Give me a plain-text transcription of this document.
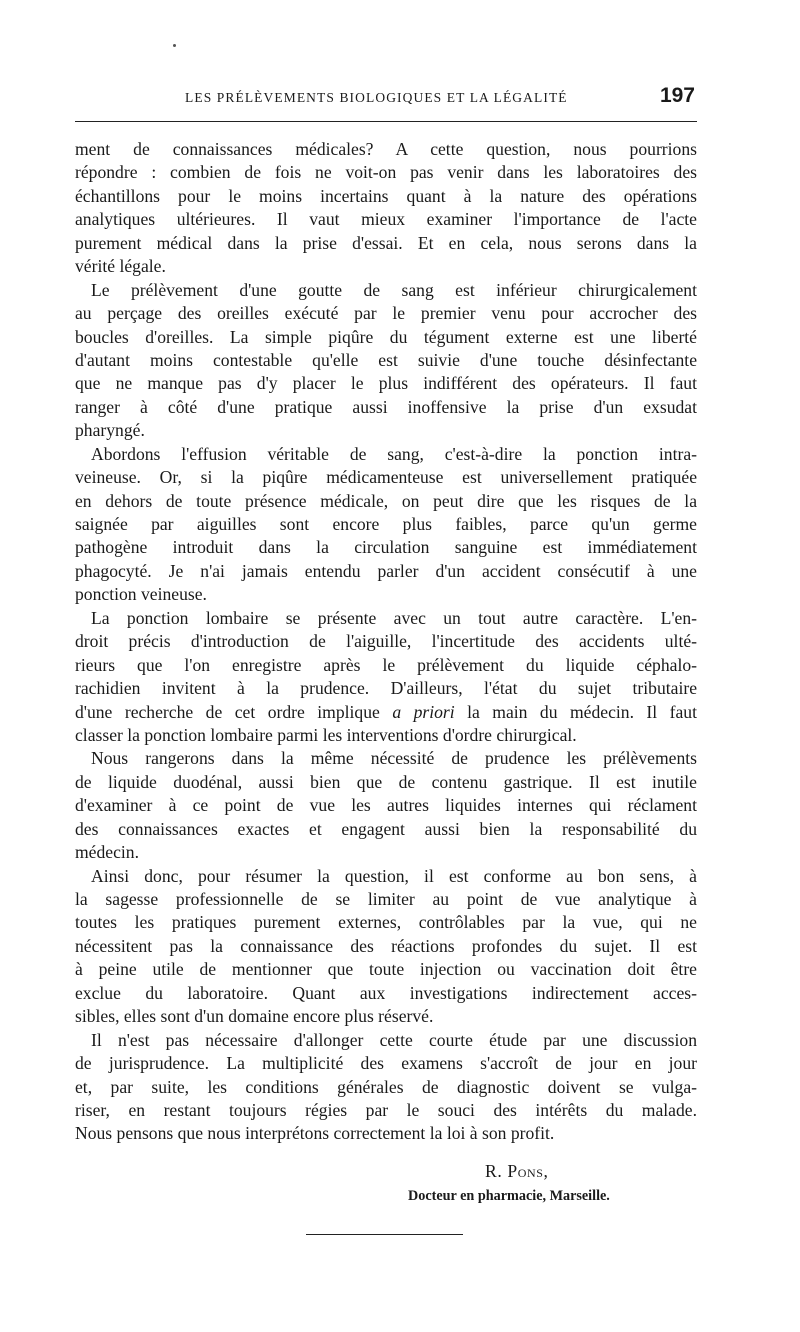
LES PRÉLÈVEMENTS BIOLOGIQUES ET LA LÉGALITÉ	197
ment de connaissances médicales? A cette question, nous pourrions
répondre : combien de fois ne voit-on pas venir dans les laboratoires des
échantillons pour le moins incertains quant à la nature des opérations
analytiques ultérieures. Il vaut mieux examiner l'importance de l'acte
purement médical dans la prise d'essai. Et en cela, nous serons dans la
vérité légale.
Le prélèvement d'une goutte de sang est inférieur chirurgicalement
au perçage des oreilles exécuté par le premier venu pour accrocher des
boucles d'oreilles. La simple piqûre du tégument externe est une liberté
d'autant moins contestable qu'elle est suivie d'une touche désinfectante
que ne manque pas d'y placer le plus indifférent des opérateurs. Il faut
ranger à côté d'une pratique aussi inoffensive la prise d'un exsudat
pharyngé.
Abordons l'effusion véritable de sang, c'est-à-dire la ponction intra-
veineuse. Or, si la piqûre médicamenteuse est universellement pratiquée
en dehors de toute présence médicale, on peut dire que les risques de la
saignée par aiguilles sont encore plus faibles, parce qu'un germe
pathogène introduit dans la circulation sanguine est immédiatement
phagocyté. Je n'ai jamais entendu parler d'un accident consécutif à une
ponction veineuse.
La ponction lombaire se présente avec un tout autre caractère. L'en-
droit précis d'introduction de l'aiguille, l'incertitude des accidents ulté-
rieurs que l'on enregistre après le prélèvement du liquide céphalo-
rachidien invitent à la prudence. D'ailleurs, l'état du sujet tributaire
d'une recherche de cet ordre implique a priori la main du médecin. Il faut
classer la ponction lombaire parmi les interventions d'ordre chirurgical.
Nous rangerons dans la même nécessité de prudence les prélèvements
de liquide duodénal, aussi bien que de contenu gastrique. Il est inutile
d'examiner à ce point de vue les autres liquides internes qui réclament
des connaissances exactes et engagent aussi bien la responsabilité du
médecin.
Ainsi donc, pour résumer la question, il est conforme au bon sens, à
la sagesse professionnelle de se limiter au point de vue analytique à
toutes les pratiques purement externes, contrôlables par la vue, qui ne
nécessitent pas la connaissance des réactions profondes du sujet. Il est
à peine utile de mentionner que toute injection ou vaccination doit être
exclue du laboratoire. Quant aux investigations indirectement acces-
sibles, elles sont d'un domaine encore plus réservé.
Il n'est pas nécessaire d'allonger cette courte étude par une discussion
de jurisprudence. La multiplicité des examens s'accroît de jour en jour
et, par suite, les conditions générales de diagnostic doivent se vulga-
riser, en restant toujours régies par le souci des intérêts du malade.
Nous pensons que nous interprétons correctement la loi à son profit.
R. Pons,
Docteur en pharmacie, Marseille.
